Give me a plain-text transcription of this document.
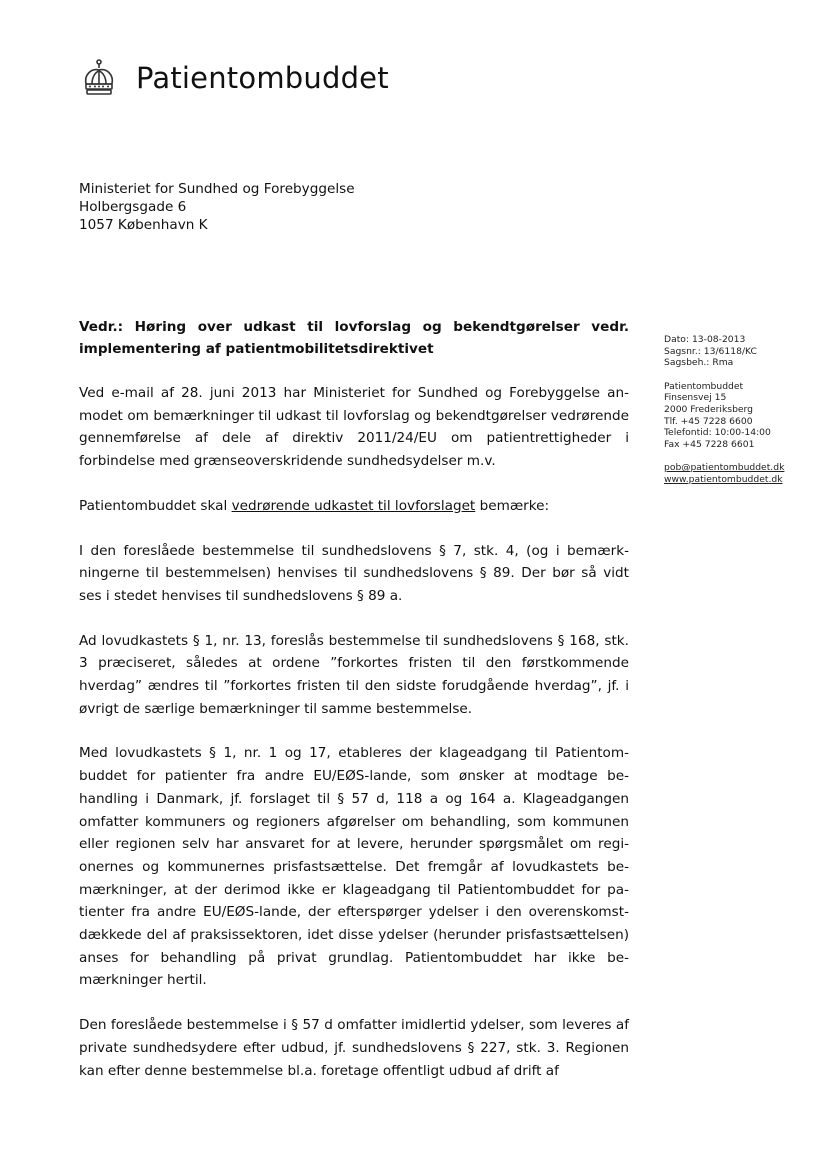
Patientombuddet
Ministeriet for Sundhed og Forebyggelse
Holbergsgade 6
1057 København K
Dato: 13-08-2013
Sagsnr.: 13/6118/KC
Sagsbeh.: Rma
Patientombuddet
Finsensvej 15
2000 Frederiksberg
Tlf. +45 7228 6600
Telefontid: 10:00-14:00
Fax +45 7228 6601
pob@patientombuddet.dk
www.patientombuddet.dk
Vedr.: Høring over udkast til lovforslag og bekendtgørelser vedr. implementering af patientmobilitetsdirektivet
Ved e-mail af 28. juni 2013 har Ministeriet for Sundhed og Forebyggelse anmodet om bemærkninger til udkast til lovforslag og bekendtgørelser vedrørende gennemførelse af dele af direktiv 2011/24/EU om patientrettigheder i forbindelse med grænseoverskridende sundhedsydelser m.v.
Patientombuddet skal vedrørende udkastet til lovforslaget bemærke:
I den foreslåede bestemmelse til sundhedslovens § 7, stk. 4, (og i bemærkningerne til bestemmelsen) henvises til sundhedslovens § 89. Der bør så vidt ses i stedet henvises til sundhedslovens § 89 a.
Ad lovudkastets § 1, nr. 13, foreslås bestemmelse til sundhedslovens § 168, stk. 3 præciseret, således at ordene ”forkortes fristen til den førstkommende hverdag” ændres til ”forkortes fristen til den sidste forudgående hverdag”, jf. i øvrigt de særlige bemærkninger til samme bestemmelse.
Med lovudkastets § 1, nr. 1 og 17, etableres der klageadgang til Patientombuddet for patienter fra andre EU/EØS-lande, som ønsker at modtage behandling i Danmark, jf. forslaget til § 57 d, 118 a og 164 a. Klageadgangen omfatter kommuners og regioners afgørelser om behandling, som kommunen eller regionen selv har ansvaret for at levere, herunder spørgsmålet om regionernes og kommunernes prisfastsættelse. Det fremgår af lovudkastets bemærkninger, at der derimod ikke er klageadgang til Patientombuddet for patienter fra andre EU/EØS-lande, der efterspørger ydelser i den overenskomstdækkede del af praksissektoren, idet disse ydelser (herunder prisfastsættelsen) anses for behandling på privat grundlag. Patientombuddet har ikke bemærkninger hertil.
Den foreslåede bestemmelse i § 57 d omfatter imidlertid ydelser, som leveres af private sundhedsydere efter udbud, jf. sundhedslovens § 227, stk. 3. Regionen kan efter denne bestemmelse bl.a. foretage offentligt udbud af drift af
